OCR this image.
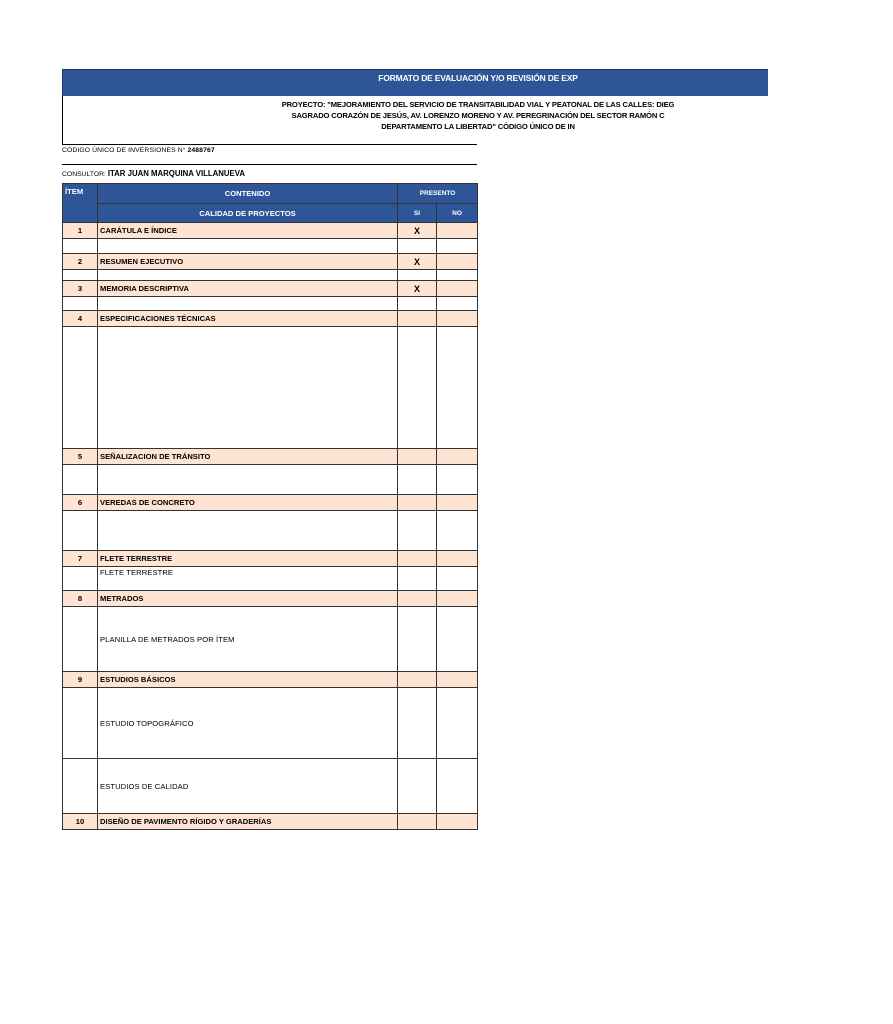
FORMATO DE EVALUACIÓN Y/O REVISIÓN DE EXP
PROYECTO: "MEJORAMIENTO DEL SERVICIO DE TRANSITABILIDAD VIAL Y PEATONAL DE LAS CALLES: DIEG
SAGRADO CORAZÓN DE JESÚS, AV. LORENZO MORENO Y AV. PEREGRINACIÓN DEL SECTOR RAMÓN C
DEPARTAMENTO LA LIBERTAD" CÓDIGO ÚNICO DE IN
CÓDIGO ÚNICO DE INVERSIONES N° 2488767
CONSULTOR: ITAR JUAN MARQUINA VILLANUEVA
ÍTEM	CONTENIDO	PRESENTO	
	CALIDAD DE PROYECTOS	SI	NO
1	CARÁTULA E ÍNDICE	X	

2	RESUMEN EJECUTIVO	X	

3	MEMORIA DESCRIPTIVA	X	

4	ESPECIFICACIONES TÉCNICAS		

5	SEÑALIZACION DE TRÁNSITO		

6	VEREDAS DE CONCRETO		

7	FLETE TERRESTRE		
	FLETE TERRESTRE		
8	METRADOS		
	PLANILLA DE METRADOS POR ÍTEM		
9	ESTUDIOS BÁSICOS		
	ESTUDIO TOPOGRÁFICO		
	ESTUDIOS DE CALIDAD		
10	DISEÑO DE PAVIMENTO RÍGIDO Y GRADERÍAS		
